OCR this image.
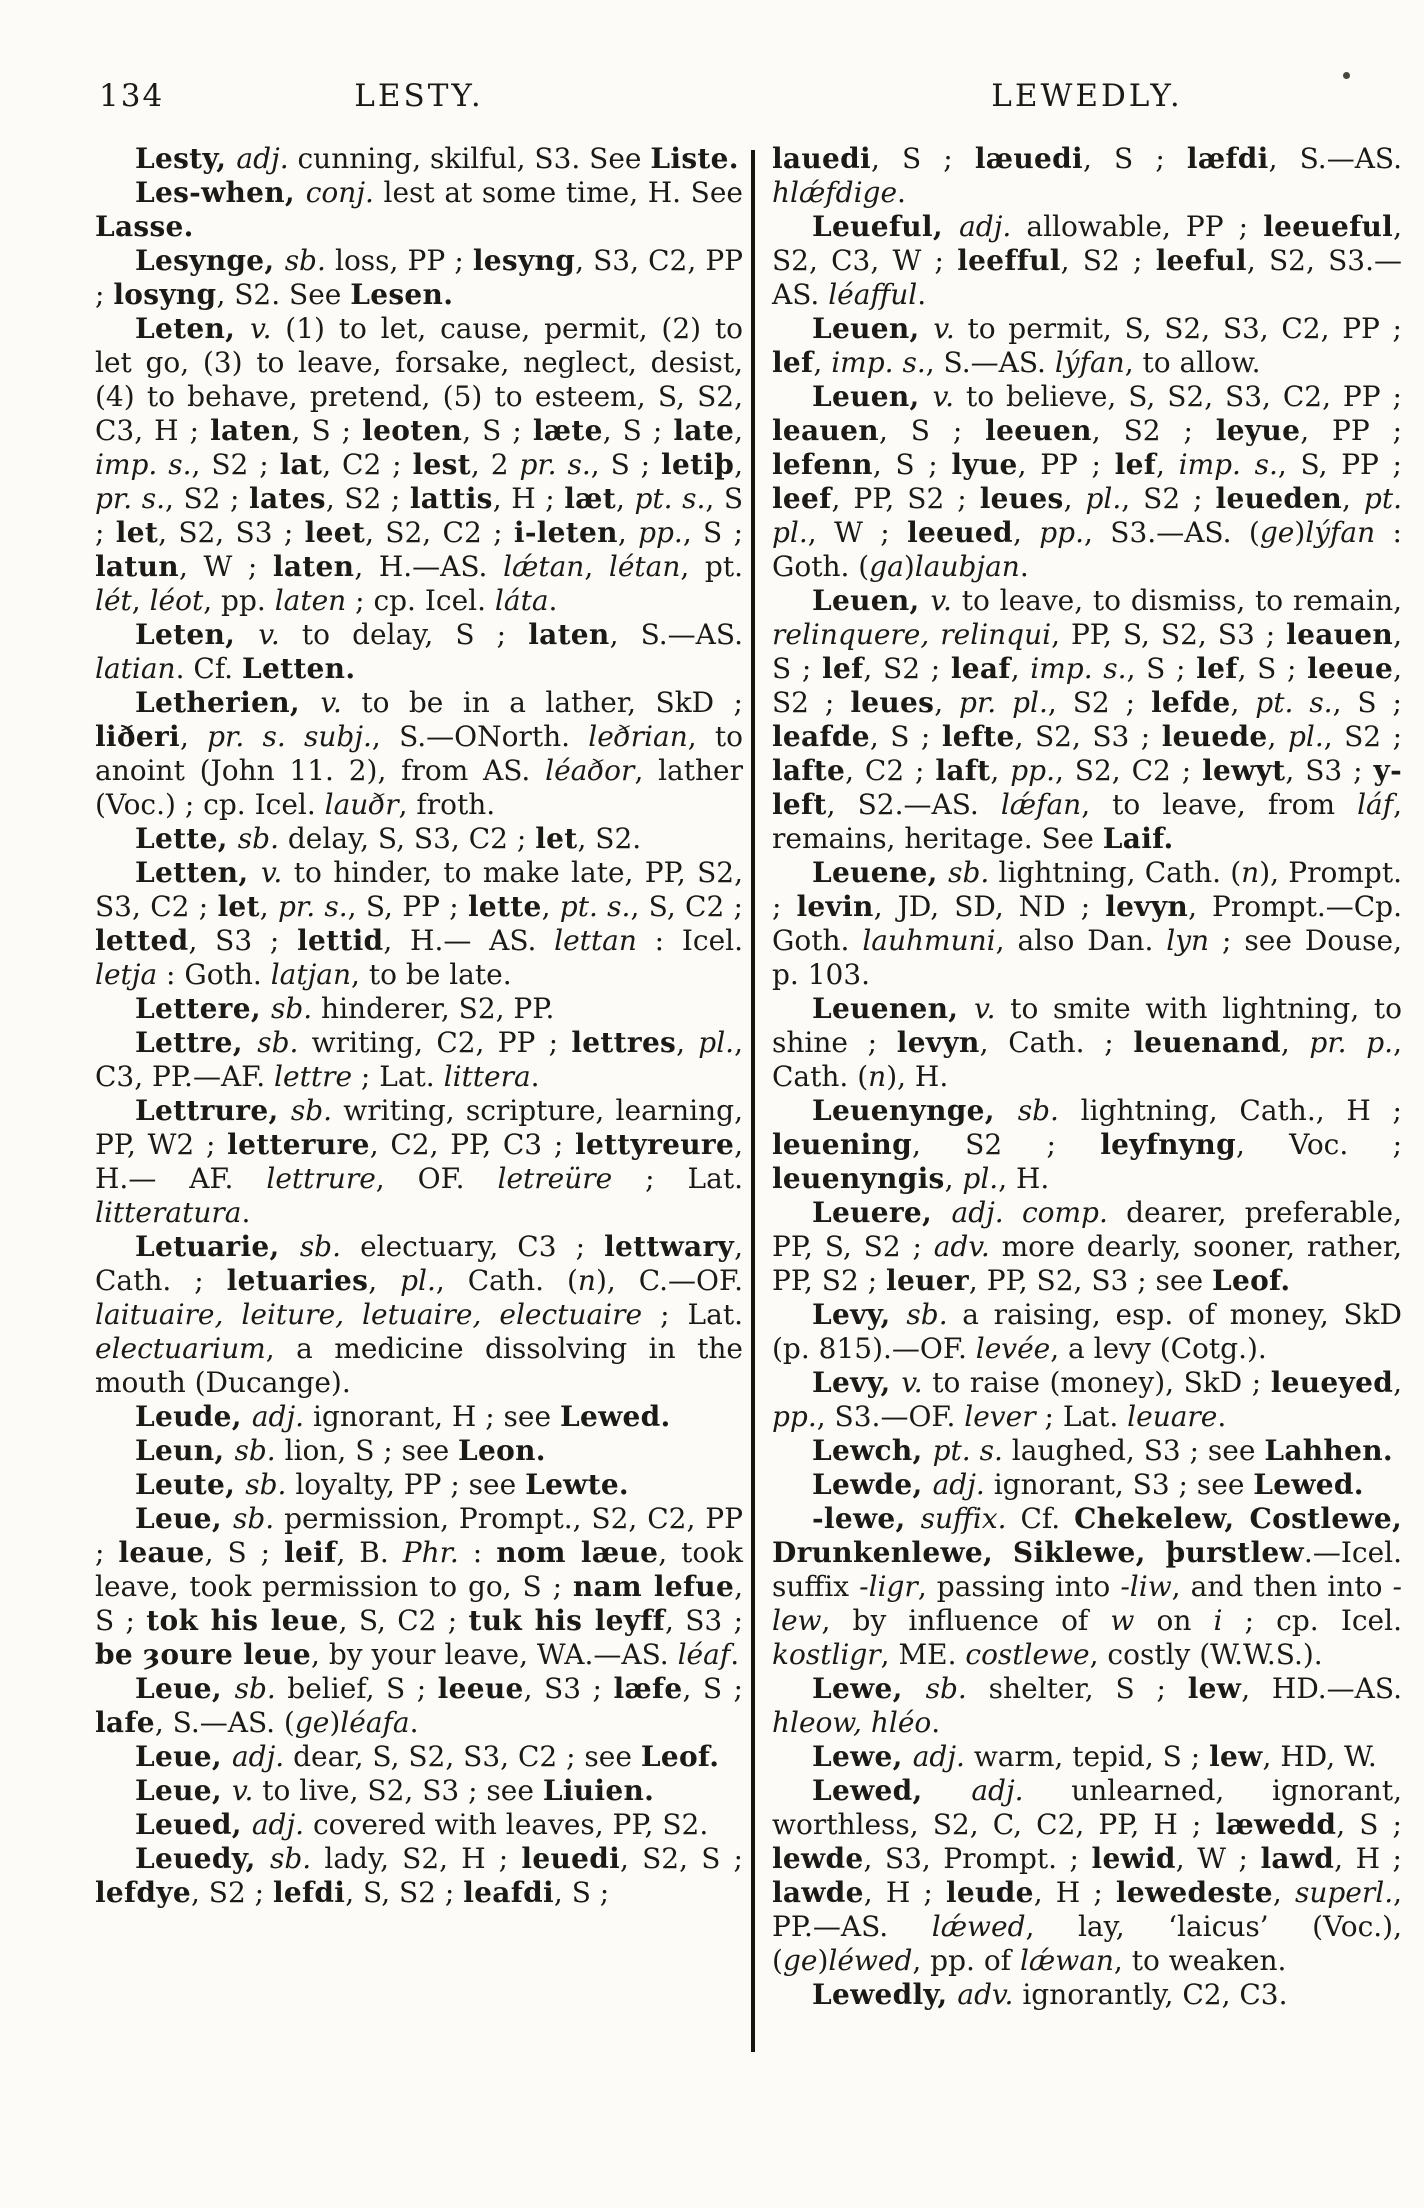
134	LESTY.	LEWEDLY.

Lesty, adj. cunning, skilful, S3. See Liste.

Les-when, conj. lest at some time, H. See Lasse.

Lesynge, sb. loss, PP ; lesyng, S3, C2, PP ; losyng, S2. See Lesen.

Leten, v. (1) to let, cause, permit, (2) to let go, (3) to leave, forsake, neglect, desist, (4) to behave, pretend, (5) to esteem, S, S2, C3, H ; laten, S ; leoten, S ; læte, S ; late, imp. s., S2 ; lat, C2 ; lest, 2 pr. s., S ; letiþ, pr. s., S2 ; lates, S2 ; lattis, H ; læt, pt. s., S ; let, S2, S3 ; leet, S2, C2 ; i-leten, pp., S ; latun, W ; laten, H.—AS. lǽtan, létan, pt. lét, léot, pp. laten ; cp. Icel. láta.

Leten, v. to delay, S ; laten, S.—AS. latian. Cf. Letten.

Letherien, v. to be in a lather, SkD ; liðeri, pr. s. subj., S.—ONorth. leðrian, to anoint (John 11. 2), from AS. léaðor, lather (Voc.) ; cp. Icel. lauðr, froth.

Lette, sb. delay, S, S3, C2 ; let, S2.

Letten, v. to hinder, to make late, PP, S2, S3, C2 ; let, pr. s., S, PP ; lette, pt. s., S, C2 ; letted, S3 ; lettid, H.— AS. lettan : Icel. letja : Goth. latjan, to be late.

Lettere, sb. hinderer, S2, PP.

Lettre, sb. writing, C2, PP ; lettres, pl., C3, PP.—AF. lettre ; Lat. littera.

Lettrure, sb. writing, scripture, learning, PP, W2 ; letterure, C2, PP, C3 ; lettyreure, H.— AF. lettrure, OF. letreüre ; Lat. litteratura.

Letuarie, sb. electuary, C3 ; lettwary, Cath. ; letuaries, pl., Cath. (n), C.—OF. laituaire, leiture, letuaire, electuaire ; Lat. electuarium, a medicine dissolving in the mouth (Ducange).

Leude, adj. ignorant, H ; see Lewed.

Leun, sb. lion, S ; see Leon.

Leute, sb. loyalty, PP ; see Lewte.

Leue, sb. permission, Prompt., S2, C2, PP ; leaue, S ; leif, B. Phr. : nom læue, took leave, took permission to go, S ; nam lefue, S ; tok his leue, S, C2 ; tuk his leyff, S3 ; be ȝoure leue, by your leave, WA.—AS. léaf.

Leue, sb. belief, S ; leeue, S3 ; læfe, S ; lafe, S.—AS. (ge)léafa.

Leue, adj. dear, S, S2, S3, C2 ; see Leof.

Leue, v. to live, S2, S3 ; see Liuien.

Leued, adj. covered with leaves, PP, S2.

Leuedy, sb. lady, S2, H ; leuedi, S2, S ; lefdye, S2 ; lefdi, S, S2 ; leafdi, S ;

lauedi, S ; læuedi, S ; læfdi, S.—AS. hlǽfdige.

Leueful, adj. allowable, PP ; leeueful, S2, C3, W ; leefful, S2 ; leeful, S2, S3.— AS. léafful.

Leuen, v. to permit, S, S2, S3, C2, PP ; lef, imp. s., S.—AS. lýfan, to allow.

Leuen, v. to believe, S, S2, S3, C2, PP ; leauen, S ; leeuen, S2 ; leyue, PP ; lefenn, S ; lyue, PP ; lef, imp. s., S, PP ; leef, PP, S2 ; leues, pl., S2 ; leueden, pt. pl., W ; leeued, pp., S3.—AS. (ge)lýfan : Goth. (ga)laubjan.

Leuen, v. to leave, to dismiss, to remain, relinquere, relinqui, PP, S, S2, S3 ; leauen, S ; lef, S2 ; leaf, imp. s., S ; lef, S ; leeue, S2 ; leues, pr. pl., S2 ; lefde, pt. s., S ; leafde, S ; lefte, S2, S3 ; leuede, pl., S2 ; lafte, C2 ; laft, pp., S2, C2 ; lewyt, S3 ; y-left, S2.—AS. lǽfan, to leave, from láf, remains, heritage. See Laif.

Leuene, sb. lightning, Cath. (n), Prompt. ; levin, JD, SD, ND ; levyn, Prompt.—Cp. Goth. lauhmuni, also Dan. lyn ; see Douse, p. 103.

Leuenen, v. to smite with lightning, to shine ; levyn, Cath. ; leuenand, pr. p., Cath. (n), H.

Leuenynge, sb. lightning, Cath., H ; leuening, S2 ; leyfnyng, Voc. ; leuenyngis, pl., H.

Leuere, adj. comp. dearer, preferable, PP, S, S2 ; adv. more dearly, sooner, rather, PP, S2 ; leuer, PP, S2, S3 ; see Leof.

Levy, sb. a raising, esp. of money, SkD (p. 815).—OF. levée, a levy (Cotg.).

Levy, v. to raise (money), SkD ; leueyed, pp., S3.—OF. lever ; Lat. leuare.

Lewch, pt. s. laughed, S3 ; see Lahhen.

Lewde, adj. ignorant, S3 ; see Lewed.

-lewe, suffix. Cf. Chekelew, Costlewe, Drunkenlewe, Siklewe, þurstlew.—Icel. suffix -ligr, passing into -liw, and then into -lew, by influence of w on i ; cp. Icel. kostligr, ME. costlewe, costly (W.W.S.).

Lewe, sb. shelter, S ; lew, HD.—AS. hleow, hléo.

Lewe, adj. warm, tepid, S ; lew, HD, W.

Lewed, adj. unlearned, ignorant, worthless, S2, C, C2, PP, H ; læwedd, S ; lewde, S3, Prompt. ; lewid, W ; lawd, H ; lawde, H ; leude, H ; lewedeste, superl., PP.—AS. lǽwed, lay, ‘laicus’ (Voc.), (ge)léwed, pp. of lǽwan, to weaken.

Lewedly, adv. ignorantly, C2, C3.
